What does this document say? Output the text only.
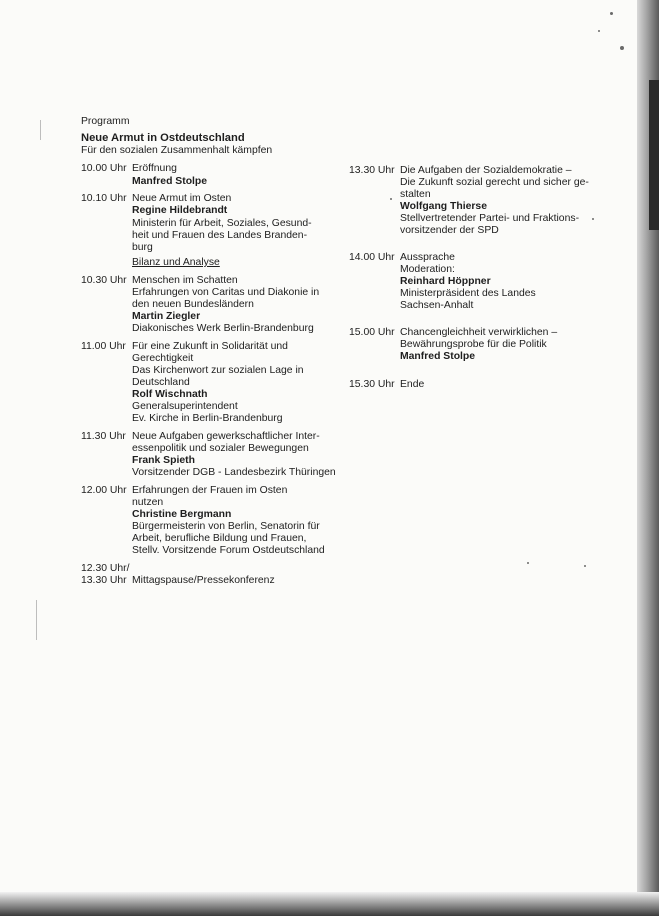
Programm
Neue Armut in Ostdeutschland
Für den sozialen Zusammenhalt kämpfen
10.00 Uhr Eröffnung
Manfred Stolpe
10.10 Uhr Neue Armut im Osten
Regine Hildebrandt
Ministerin für Arbeit, Soziales, Gesund-
heit und Frauen des Landes Branden-
burg
Bilanz und Analyse
10.30 Uhr Menschen im Schatten
Erfahrungen von Caritas und Diakonie in
den neuen Bundesländern
Martin Ziegler
Diakonisches Werk Berlin-Brandenburg
11.00 Uhr Für eine Zukunft in Solidarität und
Gerechtigkeit
Das Kirchenwort zur sozialen Lage in
Deutschland
Rolf Wischnath
Generalsuperintendent
Ev. Kirche in Berlin-Brandenburg
11.30 Uhr Neue Aufgaben gewerkschaftlicher Inter-
essenpolitik und sozialer Bewegungen
Frank Spieth
Vorsitzender DGB - Landesbezirk Thüringen
12.00 Uhr Erfahrungen der Frauen im Osten
nutzen
Christine Bergmann
Bürgermeisterin von Berlin, Senatorin für
Arbeit, berufliche Bildung und Frauen,
Stellv. Vorsitzende Forum Ostdeutschland
12.30 Uhr/
13.30 Uhr Mittagspause/Pressekonferenz
13.30 Uhr Die Aufgaben der Sozialdemokratie –
Die Zukunft sozial gerecht und sicher ge-
stalten
Wolfgang Thierse
Stellvertretender Partei- und Fraktions-
vorsitzender der SPD
14.00 Uhr Aussprache
Moderation:
Reinhard Höppner
Ministerpräsident des Landes
Sachsen-Anhalt
15.00 Uhr Chancengleichheit verwirklichen –
Bewährungsprobe für die Politik
Manfred Stolpe
15.30 Uhr Ende
